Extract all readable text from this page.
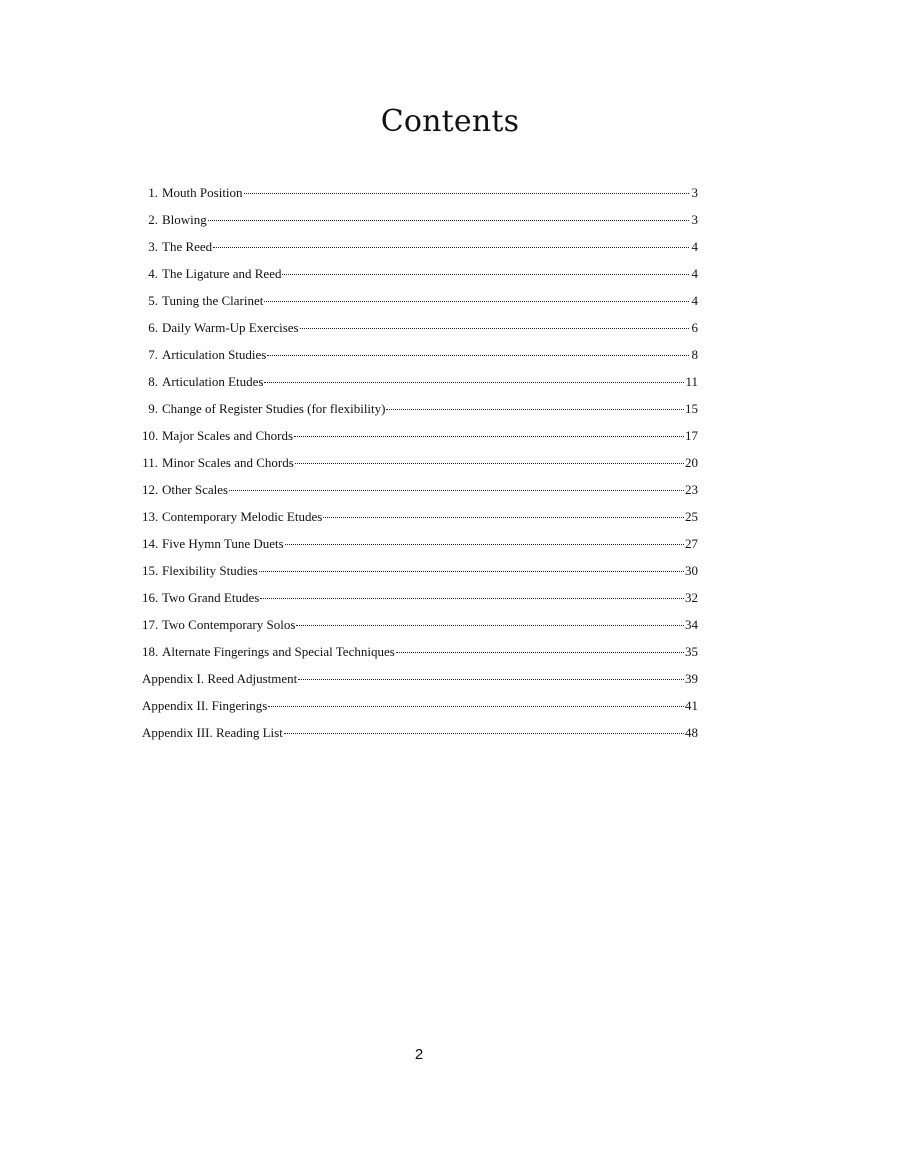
Contents
1. Mouth Position	3
2. Blowing	3
3. The Reed	4
4. The Ligature and Reed	4
5. Tuning the Clarinet	4
6. Daily Warm-Up Exercises	6
7. Articulation Studies	8
8. Articulation Etudes	11
9. Change of Register Studies (for flexibility)	15
10. Major Scales and Chords	17
11. Minor Scales and Chords	20
12. Other Scales	23
13. Contemporary Melodic Etudes	25
14. Five Hymn Tune Duets	27
15. Flexibility Studies	30
16. Two Grand Etudes	32
17. Two Contemporary Solos	34
18. Alternate Fingerings and Special Techniques	35
Appendix I. Reed Adjustment	39
Appendix II. Fingerings	41
Appendix III. Reading List	48
2
